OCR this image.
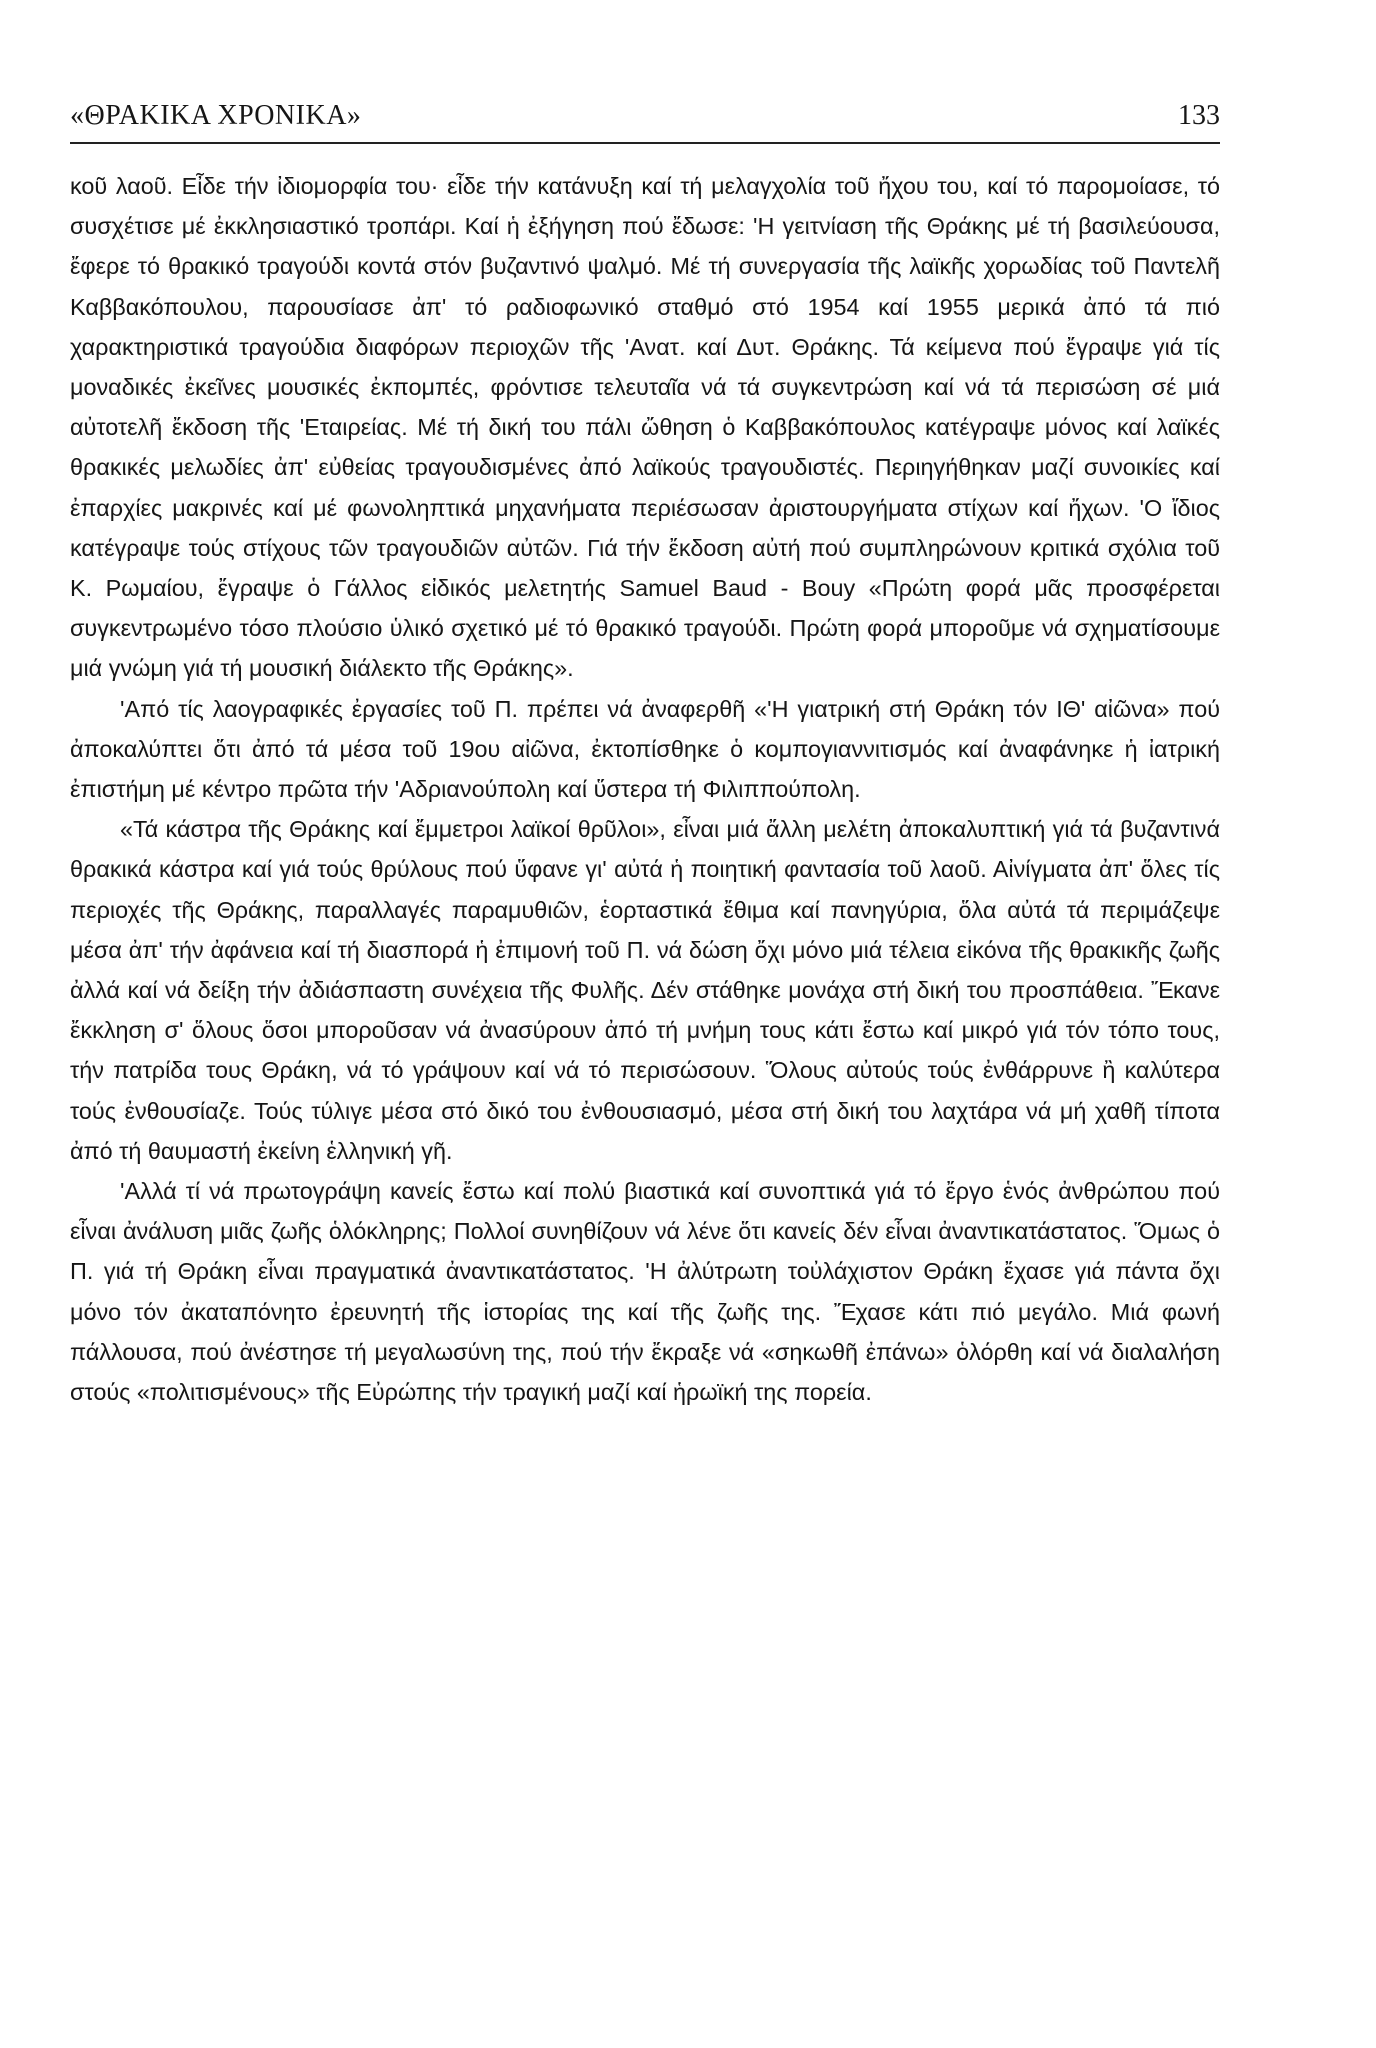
«ΘΡΑΚΙΚΑ ΧΡΟΝΙΚΑ»	133

κοῦ λαοῦ. Εἶδε τήν ἰδιομορφία του· εἶδε τήν κατάνυξη καί τή μελαγχολία τοῦ ἤχου του, καί τό παρομοίασε, τό συσχέτισε μέ ἐκκλησιαστικό τροπάρι. Καί ἡ ἐξήγηση πού ἔδωσε: 'Η γειτνίαση τῆς Θράκης μέ τή βασιλεύουσα, ἔφερε τό θρακικό τραγούδι κοντά στόν βυζαντινό ψαλμό. Μέ τή συνεργασία τῆς λαϊκῆς χορωδίας τοῦ Παντελῆ Καββακόπουλου, παρουσίασε ἀπ' τό ραδιοφωνικό σταθμό στό 1954 καί 1955 μερικά ἀπό τά πιό χαρακτηριστικά τραγούδια διαφόρων περιοχῶν τῆς 'Ανατ. καί Δυτ. Θράκης. Τά κείμενα πού ἔγραψε γιά τίς μοναδικές ἐκεῖνες μουσικές ἐκπομπές, φρόντισε τελευταῖα νά τά συγκεντρώση καί νά τά περισώση σέ μιά αὐτοτελῆ ἔκδοση τῆς 'Εταιρείας. Μέ τή δική του πάλι ὤθηση ὁ Καββακόπουλος κατέγραψε μόνος καί λαϊκές θρακικές μελωδίες ἀπ' εὐθείας τραγουδισμένες ἀπό λαϊκούς τραγουδιστές. Περιηγήθηκαν μαζί συνοικίες καί ἐπαρχίες μακρινές καί μέ φωνοληπτικά μηχανήματα περιέσωσαν ἀριστουργήματα στίχων καί ἤχων. 'Ο ἴδιος κατέγραψε τούς στίχους τῶν τραγουδιῶν αὐτῶν. Γιά τήν ἔκδοση αὐτή πού συμπληρώνουν κριτικά σχόλια τοῦ Κ. Ρωμαίου, ἔγραψε ὁ Γάλλος εἰδικός μελετητής Samuel Baud - Bouy «Πρώτη φορά μᾶς προσφέρεται συγκεντρωμένο τόσο πλούσιο ὑλικό σχετικό μέ τό θρακικό τραγούδι. Πρώτη φορά μποροῦμε νά σχηματίσουμε μιά γνώμη γιά τή μουσική διάλεκτο τῆς Θράκης».

'Από τίς λαογραφικές ἐργασίες τοῦ Π. πρέπει νά ἀναφερθῆ «'Η γιατρική στή Θράκη τόν ΙΘ' αἰῶνα» πού ἀποκαλύπτει ὅτι ἀπό τά μέσα τοῦ 19ου αἰῶνα, ἐκτοπίσθηκε ὁ κομπογιαννιτισμός καί ἀναφάνηκε ἡ ἰατρική ἐπιστήμη μέ κέντρο πρῶτα τήν 'Αδριανούπολη καί ὕστερα τή Φιλιππούπολη.

«Τά κάστρα τῆς Θράκης καί ἔμμετροι λαϊκοί θρῦλοι», εἶναι μιά ἄλλη μελέτη ἀποκαλυπτική γιά τά βυζαντινά θρακικά κάστρα καί γιά τούς θρύλους πού ὕφανε γι' αὐτά ἡ ποιητική φαντασία τοῦ λαοῦ. Αἰνίγματα ἀπ' ὅλες τίς περιοχές τῆς Θράκης, παραλλαγές παραμυθιῶν, ἑορταστικά ἔθιμα καί πανηγύρια, ὅλα αὐτά τά περιμάζεψε μέσα ἀπ' τήν ἀφάνεια καί τή διασπορά ἡ ἐπιμονή τοῦ Π. νά δώση ὄχι μόνο μιά τέλεια εἰκόνα τῆς θρακικῆς ζωῆς ἀλλά καί νά δείξη τήν ἀδιάσπαστη συνέχεια τῆς Φυλῆς. Δέν στάθηκε μονάχα στή δική του προσπάθεια. Ἔκανε ἔκκληση σ' ὅλους ὅσοι μποροῦσαν νά ἀνασύρουν ἀπό τή μνήμη τους κάτι ἔστω καί μικρό γιά τόν τόπο τους, τήν πατρίδα τους Θράκη, νά τό γράψουν καί νά τό περισώσουν. Ὅλους αὐτούς τούς ἐνθάρρυνε ἢ καλύτερα τούς ἐνθουσίαζε. Τούς τύλιγε μέσα στό δικό του ἐνθουσιασμό, μέσα στή δική του λαχτάρα νά μή χαθῆ τίποτα ἀπό τή θαυμαστή ἐκείνη ἑλληνική γῆ.

'Αλλά τί νά πρωτογράψη κανείς ἔστω καί πολύ βιαστικά καί συνοπτικά γιά τό ἔργο ἑνός ἀνθρώπου πού εἶναι ἀνάλυση μιᾶς ζωῆς ὁλόκληρης; Πολλοί συνηθίζουν νά λένε ὅτι κανείς δέν εἶναι ἀναντικατάστατος. Ὅμως ὁ Π. γιά τή Θράκη εἶναι πραγματικά ἀναντικατάστατος. 'Η ἀλύτρωτη τοὐλάχιστον Θράκη ἔχασε γιά πάντα ὄχι μόνο τόν ἀκαταπόνητο ἐρευνητή τῆς ἱστορίας της καί τῆς ζωῆς της. Ἔχασε κάτι πιό μεγάλο. Μιά φωνή πάλλουσα, πού ἀνέστησε τή μεγαλωσύνη της, πού τήν ἔκραξε νά «σηκωθῆ ἐπάνω» ὁλόρθη καί νά διαλαλήση στούς «πολιτισμένους» τῆς Εὐρώπης τήν τραγική μαζί καί ἡρωϊκή της πορεία.
